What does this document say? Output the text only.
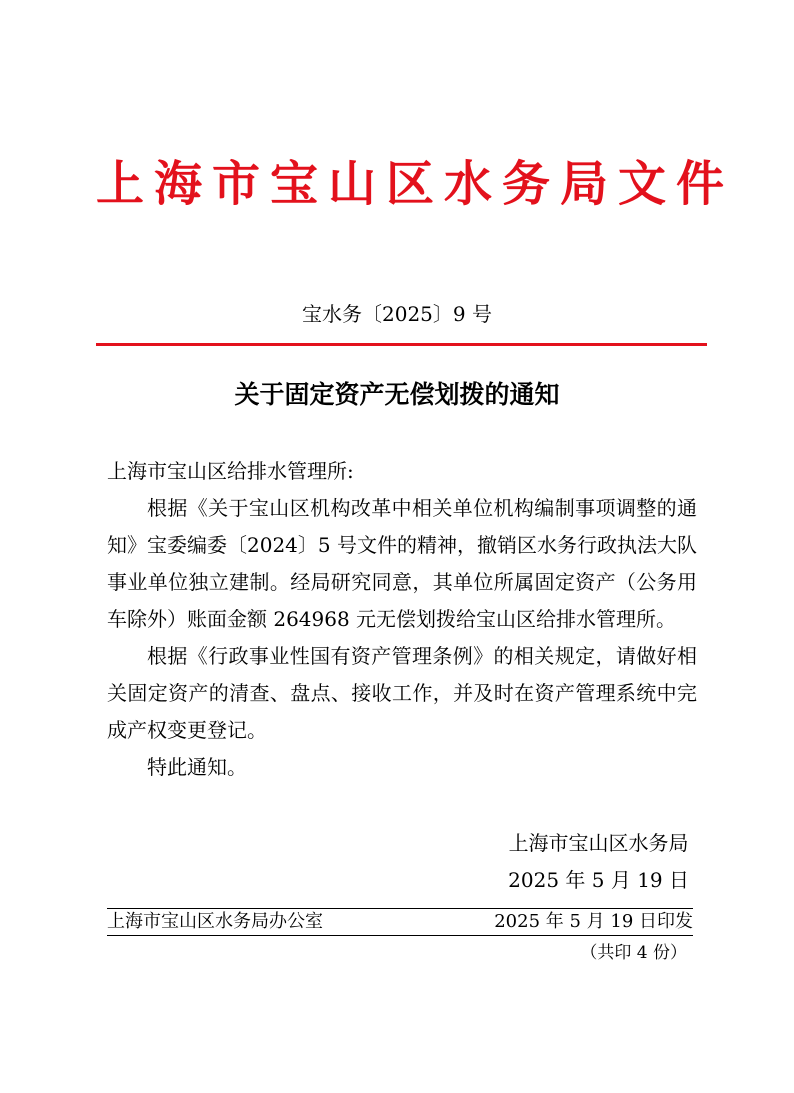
上海市宝山区水务局文件
宝水务〔2025〕9 号
关于固定资产无偿划拨的通知

上海市宝山区给排水管理所:

根据《关于宝山区机构改革中相关单位机构编制事项调整的通知》宝委编委〔2024〕5 号文件的精神，撤销区水务行政执法大队事业单位独立建制。经局研究同意，其单位所属固定资产（公务用车除外）账面金额 264968 元无偿划拨给宝山区给排水管理所。

根据《行政事业性国有资产管理条例》的相关规定，请做好相关固定资产的清查、盘点、接收工作，并及时在资产管理系统中完成产权变更登记。

特此通知。

上海市宝山区水务局
2025 年 5 月 19 日
上海市宝山区水务局办公室	2025 年 5 月 19 日印发
（共印 4 份）
